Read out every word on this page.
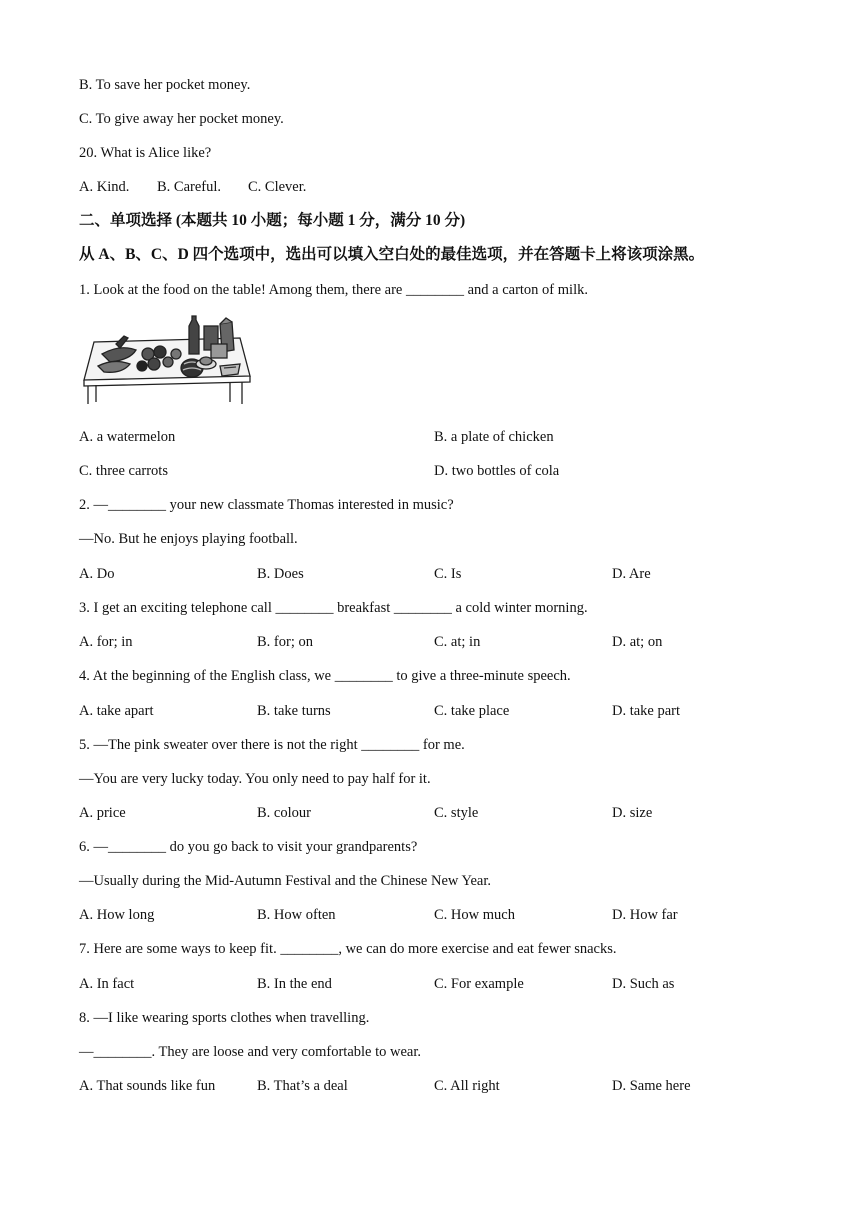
B. To save her pocket money.
C. To give away her pocket money.
20. What is Alice like?
A. Kind. B. Careful. C. Clever.
二、单项选择 (本题共 10 小题；每小题 1 分，满分 10 分)
从 A、B、C、D 四个选项中，选出可以填入空白处的最佳选项，并在答题卡上将该项涂黑。
1. Look at the food on the table! Among them, there are ________ and a carton of milk.
A. a watermelon	B. a plate of chicken
C. three carrots	D. two bottles of cola
2. —________ your new classmate Thomas interested in music?
—No. But he enjoys playing football.
A. Do	B. Does	C. Is	D. Are
3. I get an exciting telephone call ________ breakfast ________ a cold winter morning.
A. for; in	B. for; on	C. at; in	D. at; on
4. At the beginning of the English class, we ________ to give a three-minute speech.
A. take apart	B. take turns	C. take place	D. take part
5. —The pink sweater over there is not the right ________ for me.
—You are very lucky today. You only need to pay half for it.
A. price	B. colour	C. style	D. size
6. —________ do you go back to visit your grandparents?
—Usually during the Mid-Autumn Festival and the Chinese New Year.
A. How long	B. How often	C. How much	D. How far
7. Here are some ways to keep fit. ________, we can do more exercise and eat fewer snacks.
A. In fact	B. In the end	C. For example	D. Such as
8. —I like wearing sports clothes when travelling.
—________. They are loose and very comfortable to wear.
A. That sounds like fun	B. That’s a deal	C. All right	D. Same here
